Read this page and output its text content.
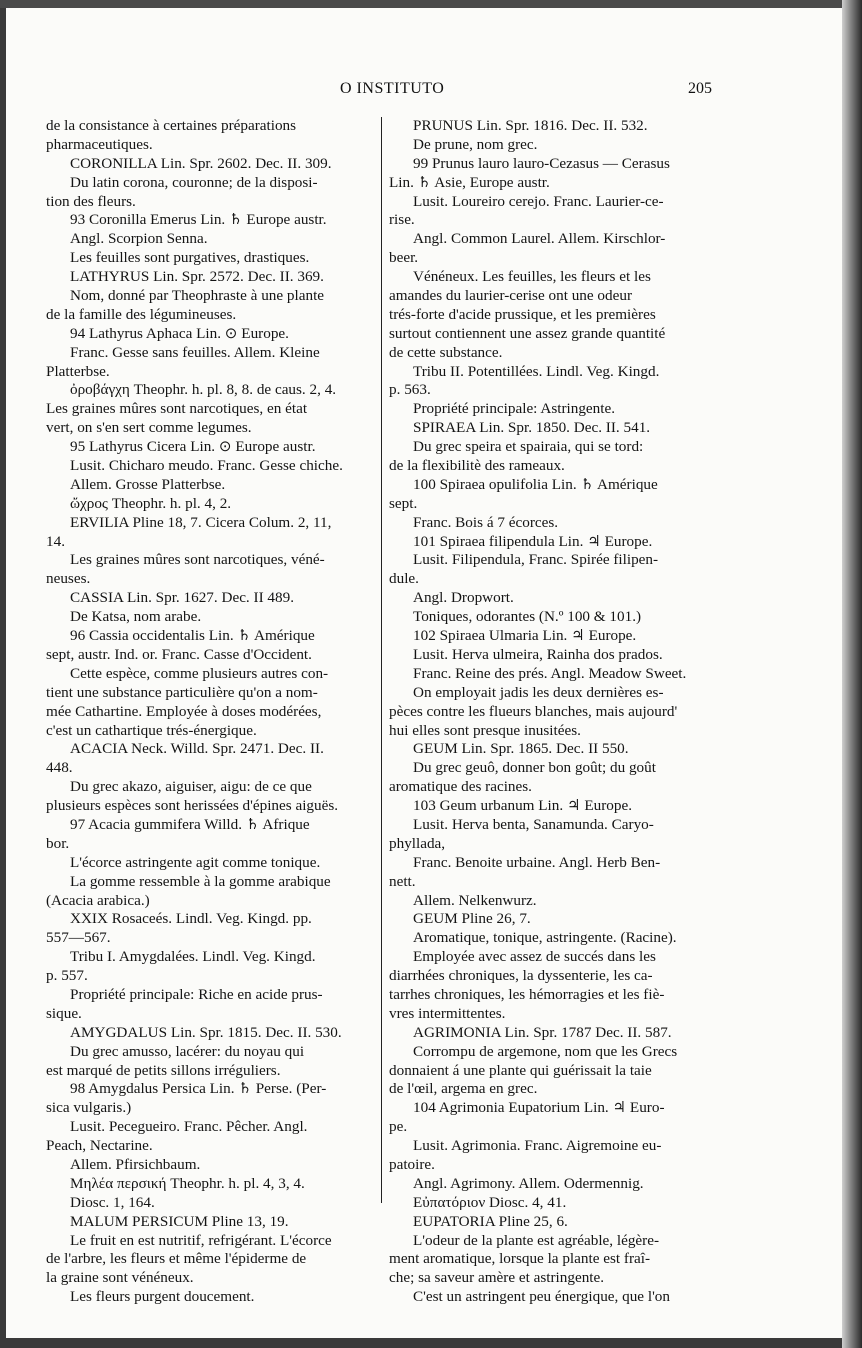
O INSTITUTO	205
de la consistance à certaines préparations
pharmaceutiques.
CORONILLA Lin. Spr. 2602. Dec. II. 309.
Du latin corona, couronne; de la disposi-
tion des fleurs.
93 Coronilla Emerus Lin. ♄ Europe austr.
Angl. Scorpion Senna.
Les feuilles sont purgatives, drastiques.
LATHYRUS Lin. Spr. 2572. Dec. II. 369.
Nom, donné par Theophraste à une plante
de la famille des légumineuses.
94 Lathyrus Aphaca Lin. ⊙ Europe.
Franc. Gesse sans feuilles. Allem. Kleine
Platterbse.
ὀροβάγχη Theophr. h. pl. 8, 8. de caus. 2, 4.
Les graines mûres sont narcotiques, en état
vert, on s'en sert comme legumes.
95 Lathyrus Cicera Lin. ⊙ Europe austr.
Lusit. Chicharo meudo. Franc. Gesse chiche.
Allem. Grosse Platterbse.
ὤχρος Theophr. h. pl. 4, 2.
ERVILIA Pline 18, 7. Cicera Colum. 2, 11,
14.
Les graines mûres sont narcotiques, véné-
neuses.
CASSIA Lin. Spr. 1627. Dec. II 489.
De Katsa, nom arabe.
96 Cassia occidentalis Lin. ♄ Amérique
sept, austr. Ind. or. Franc. Casse d'Occident.
Cette espèce, comme plusieurs autres con-
tient une substance particulière qu'on a nom-
mée Cathartine. Employée à doses modérées,
c'est un cathartique trés-énergique.
ACACIA Neck. Willd. Spr. 2471. Dec. II.
448.
Du grec akazo, aiguiser, aigu: de ce que
plusieurs espèces sont herissées d'épines aiguës.
97 Acacia gummifera Willd. ♄ Afrique
bor.
L'écorce astringente agit comme tonique.
La gomme ressemble à la gomme arabique
(Acacia arabica.)
XXIX Rosaceés. Lindl. Veg. Kingd. pp.
557—567.
Tribu I. Amygdalées. Lindl. Veg. Kingd.
p. 557.
Propriété principale: Riche en acide prus-
sique.
AMYGDALUS Lin. Spr. 1815. Dec. II. 530.
Du grec amusso, lacérer: du noyau qui
est marqué de petits sillons irréguliers.
98 Amygdalus Persica Lin. ♄ Perse. (Per-
sica vulgaris.)
Lusit. Pecegueiro. Franc. Pêcher. Angl.
Peach, Nectarine.
Allem. Pfirsichbaum.
Μηλέα περσική Theophr. h. pl. 4, 3, 4.
Diosc. 1, 164.
MALUM PERSICUM Pline 13, 19.
Le fruit en est nutritif, refrigérant. L'écorce
de l'arbre, les fleurs et même l'épiderme de
la graine sont vénéneux.
Les fleurs purgent doucement.
PRUNUS Lin. Spr. 1816. Dec. II. 532.
De prune, nom grec.
99 Prunus lauro lauro-Cezasus — Cerasus
Lin. ♄ Asie, Europe austr.
Lusit. Loureiro cerejo. Franc. Laurier-ce-
rise.
Angl. Common Laurel. Allem. Kirschlor-
beer.
Vénéneux. Les feuilles, les fleurs et les
amandes du laurier-cerise ont une odeur
trés-forte d'acide prussique, et les premières
surtout contiennent une assez grande quantité
de cette substance.
Tribu II. Potentillées. Lindl. Veg. Kingd.
p. 563.
Propriété principale: Astringente.
SPIRAEA Lin. Spr. 1850. Dec. II. 541.
Du grec speira et spairaia, qui se tord:
de la flexibilitè des rameaux.
100 Spiraea opulifolia Lin. ♄ Amérique
sept.
Franc. Bois á 7 écorces.
101 Spiraea filipendula Lin. ♃ Europe.
Lusit. Filipendula, Franc. Spirée filipen-
dule.
Angl. Dropwort.
Toniques, odorantes (N.º 100 & 101.)
102 Spiraea Ulmaria Lin. ♃ Europe.
Lusit. Herva ulmeira, Rainha dos prados.
Franc. Reine des prés. Angl. Meadow Sweet.
On employait jadis les deux dernières es-
pèces contre les flueurs blanches, mais aujourd'
hui elles sont presque inusitées.
GEUM Lin. Spr. 1865. Dec. II 550.
Du grec geuô, donner bon goût; du goût
aromatique des racines.
103 Geum urbanum Lin. ♃ Europe.
Lusit. Herva benta, Sanamunda. Caryo-
phyllada,
Franc. Benoite urbaine. Angl. Herb Ben-
nett.
Allem. Nelkenwurz.
GEUM Pline 26, 7.
Aromatique, tonique, astringente. (Racine).
Employée avec assez de succés dans les
diarrhées chroniques, la dyssenterie, les ca-
tarrhes chroniques, les hémorragies et les fiè-
vres intermittentes.
AGRIMONIA Lin. Spr. 1787 Dec. II. 587.
Corrompu de argemone, nom que les Grecs
donnaient á une plante qui guérissait la taie
de l'œil, argema en grec.
104 Agrimonia Eupatorium Lin. ♃ Euro-
pe.
Lusit. Agrimonia. Franc. Aigremoine eu-
patoire.
Angl. Agrimony. Allem. Odermennig.
Εὐπατόριον Diosc. 4, 41.
EUPATORIA Pline 25, 6.
L'odeur de la plante est agréable, légère-
ment aromatique, lorsque la plante est fraî-
che; sa saveur amère et astringente.
C'est un astringent peu énergique, que l'on
